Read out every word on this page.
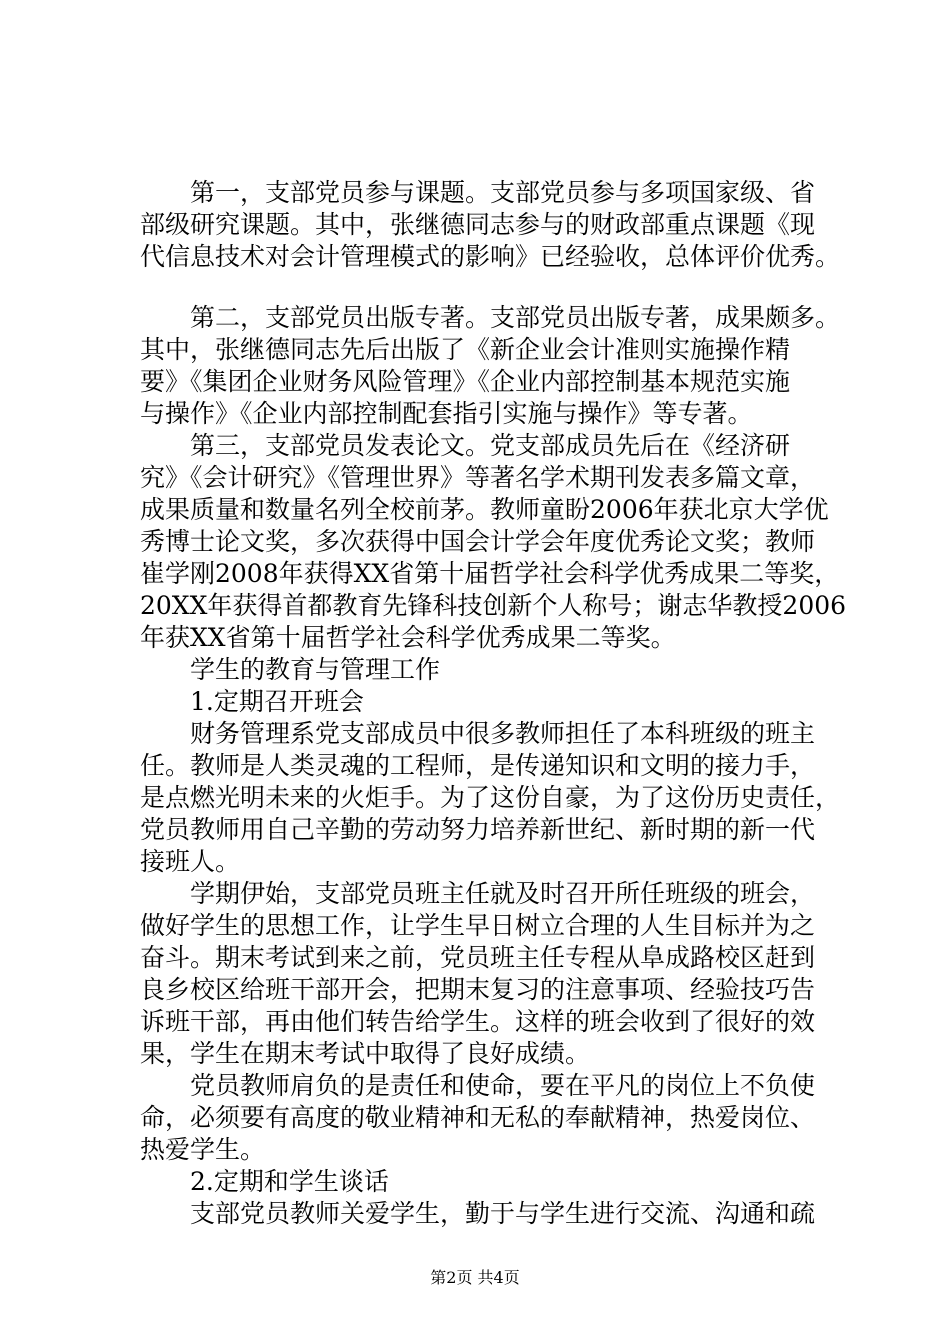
　　第一，支部党员参与课题。支部党员参与多项国家级、省
部级研究课题。其中，张继德同志参与的财政部重点课题《现
代信息技术对会计管理模式的影响》已经验收，总体评价优秀。
　　第二，支部党员出版专著。支部党员出版专著，成果颇多。
其中，张继德同志先后出版了《新企业会计准则实施操作精
要》《集团企业财务风险管理》《企业内部控制基本规范实施
与操作》《企业内部控制配套指引实施与操作》等专著。
　　第三，支部党员发表论文。党支部成员先后在《经济研
究》《会计研究》《管理世界》等著名学术期刊发表多篇文章，
成果质量和数量名列全校前茅。教师童盼2006年获北京大学优
秀博士论文奖，多次获得中国会计学会年度优秀论文奖；教师
崔学刚2008年获得XX省第十届哲学社会科学优秀成果二等奖，
20XX年获得首都教育先锋科技创新个人称号；谢志华教授2006
年获XX省第十届哲学社会科学优秀成果二等奖。
　　学生的教育与管理工作
　　1.定期召开班会
　　财务管理系党支部成员中很多教师担任了本科班级的班主
任。教师是人类灵魂的工程师，是传递知识和文明的接力手，
是点燃光明未来的火炬手。为了这份自豪，为了这份历史责任，
党员教师用自己辛勤的劳动努力培养新世纪、新时期的新一代
接班人。
　　学期伊始，支部党员班主任就及时召开所任班级的班会，
做好学生的思想工作，让学生早日树立合理的人生目标并为之
奋斗。期末考试到来之前，党员班主任专程从阜成路校区赶到
良乡校区给班干部开会，把期末复习的注意事项、经验技巧告
诉班干部，再由他们转告给学生。这样的班会收到了很好的效
果，学生在期末考试中取得了良好成绩。
　　党员教师肩负的是责任和使命，要在平凡的岗位上不负使
命，必须要有高度的敬业精神和无私的奉献精神，热爱岗位、
热爱学生。
　　2.定期和学生谈话
　　支部党员教师关爱学生，勤于与学生进行交流、沟通和疏
第2页 共4页
